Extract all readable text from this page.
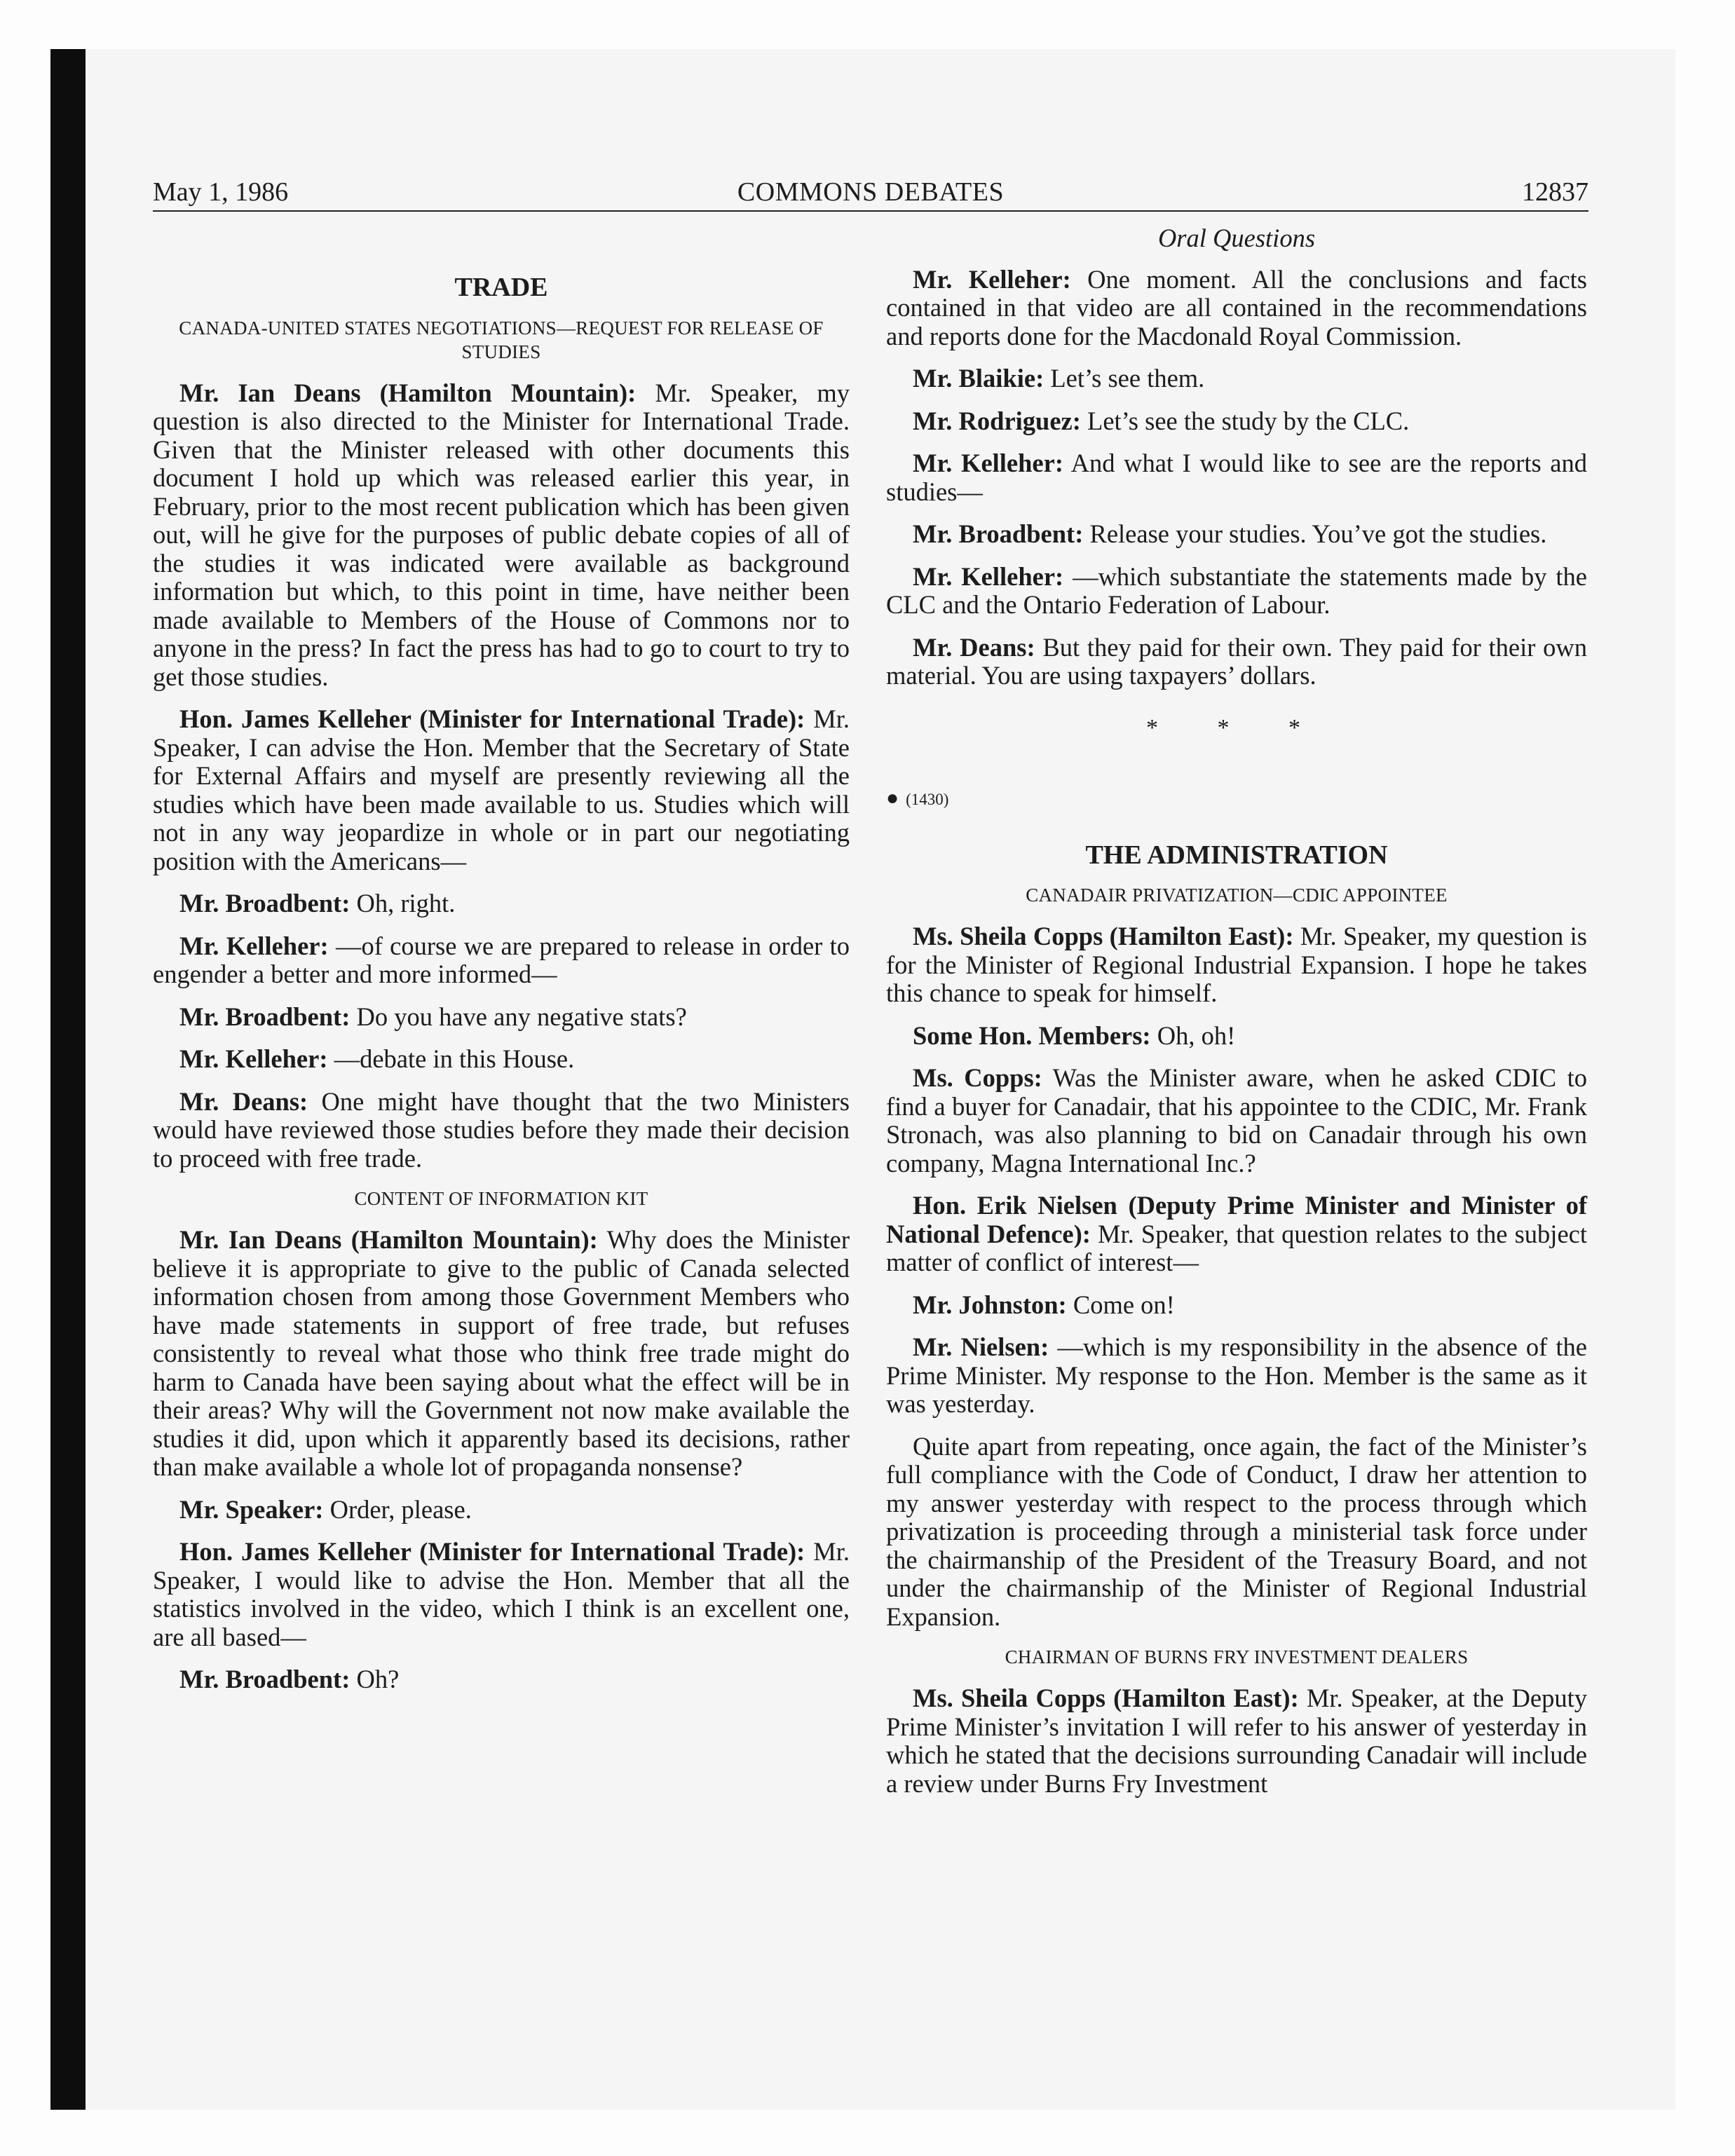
May 1, 1986	COMMONS DEBATES	12837
TRADE
CANADA-UNITED STATES NEGOTIATIONS—REQUEST FOR RELEASE OF STUDIES

Mr. Ian Deans (Hamilton Mountain): Mr. Speaker, my question is also directed to the Minister for International Trade. Given that the Minister released with other documents this document I hold up which was released earlier this year, in February, prior to the most recent publication which has been given out, will he give for the purposes of public debate copies of all of the studies it was indicated were available as background information but which, to this point in time, have neither been made available to Members of the House of Commons nor to anyone in the press? In fact the press has had to go to court to try to get those studies.

Hon. James Kelleher (Minister for International Trade): Mr. Speaker, I can advise the Hon. Member that the Secretary of State for External Affairs and myself are presently reviewing all the studies which have been made available to us. Studies which will not in any way jeopardize in whole or in part our negotiating position with the Americans—

Mr. Broadbent: Oh, right.

Mr. Kelleher: —of course we are prepared to release in order to engender a better and more informed—

Mr. Broadbent: Do you have any negative stats?

Mr. Kelleher: —debate in this House.

Mr. Deans: One might have thought that the two Ministers would have reviewed those studies before they made their decision to proceed with free trade.

CONTENT OF INFORMATION KIT

Mr. Ian Deans (Hamilton Mountain): Why does the Minister believe it is appropriate to give to the public of Canada selected information chosen from among those Government Members who have made statements in support of free trade, but refuses consistently to reveal what those who think free trade might do harm to Canada have been saying about what the effect will be in their areas? Why will the Government not now make available the studies it did, upon which it apparently based its decisions, rather than make available a whole lot of propaganda nonsense?

Mr. Speaker: Order, please.

Hon. James Kelleher (Minister for International Trade): Mr. Speaker, I would like to advise the Hon. Member that all the statistics involved in the video, which I think is an excellent one, are all based—

Mr. Broadbent: Oh?

Oral Questions

Mr. Kelleher: One moment. All the conclusions and facts contained in that video are all contained in the recommendations and reports done for the Macdonald Royal Commission.

Mr. Blaikie: Let’s see them.

Mr. Rodriguez: Let’s see the study by the CLC.

Mr. Kelleher: And what I would like to see are the reports and studies—

Mr. Broadbent: Release your studies. You’ve got the studies.

Mr. Kelleher: —which substantiate the statements made by the CLC and the Ontario Federation of Labour.

Mr. Deans: But they paid for their own. They paid for their own material. You are using taxpayers’ dollars.

* * *
● (1430)
THE ADMINISTRATION
CANADAIR PRIVATIZATION—CDIC APPOINTEE

Ms. Sheila Copps (Hamilton East): Mr. Speaker, my question is for the Minister of Regional Industrial Expansion. I hope he takes this chance to speak for himself.

Some Hon. Members: Oh, oh!

Ms. Copps: Was the Minister aware, when he asked CDIC to find a buyer for Canadair, that his appointee to the CDIC, Mr. Frank Stronach, was also planning to bid on Canadair through his own company, Magna International Inc.?

Hon. Erik Nielsen (Deputy Prime Minister and Minister of National Defence): Mr. Speaker, that question relates to the subject matter of conflict of interest—

Mr. Johnston: Come on!

Mr. Nielsen: —which is my responsibility in the absence of the Prime Minister. My response to the Hon. Member is the same as it was yesterday.

Quite apart from repeating, once again, the fact of the Minister’s full compliance with the Code of Conduct, I draw her attention to my answer yesterday with respect to the process through which privatization is proceeding through a ministerial task force under the chairmanship of the President of the Treasury Board, and not under the chairmanship of the Minister of Regional Industrial Expansion.

CHAIRMAN OF BURNS FRY INVESTMENT DEALERS

Ms. Sheila Copps (Hamilton East): Mr. Speaker, at the Deputy Prime Minister’s invitation I will refer to his answer of yesterday in which he stated that the decisions surrounding Canadair will include a review under Burns Fry Investment
